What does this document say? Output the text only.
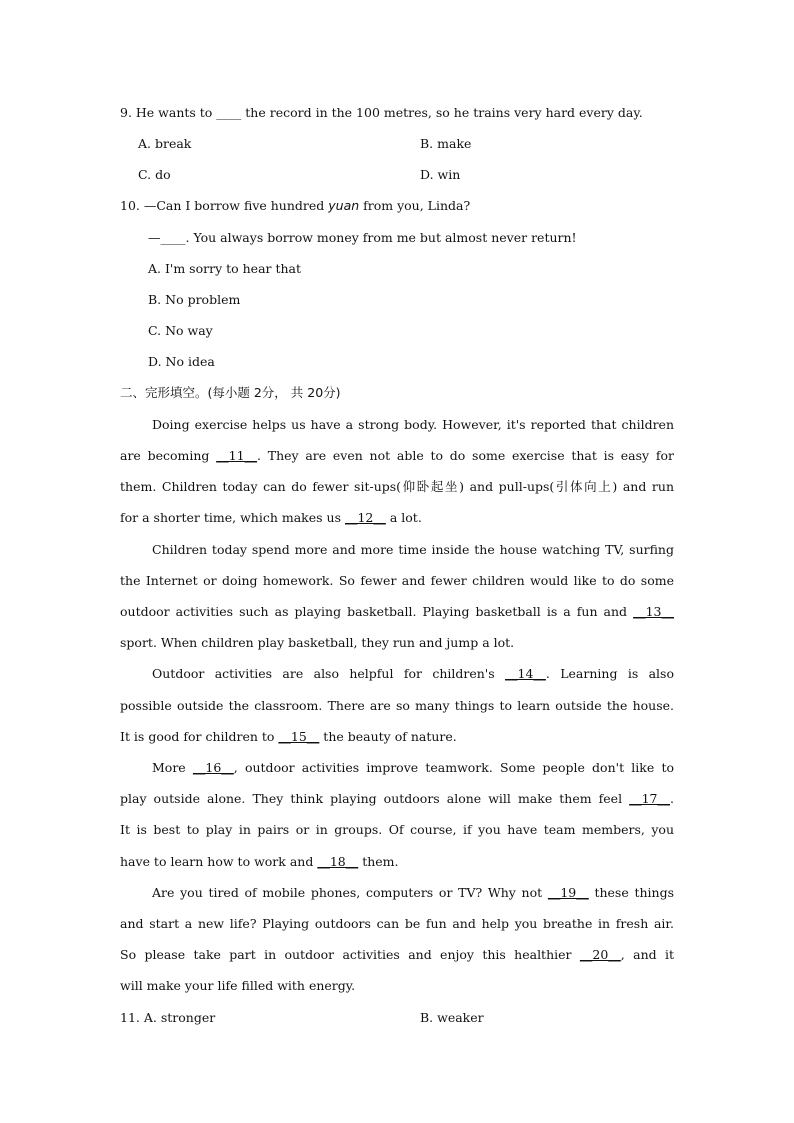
9. He wants to ____ the record in the 100 metres, so he trains very hard every day.
A. break	B. make
C. do	D. win
10. —Can I borrow five hundred yuan from you, Linda?
—____. You always borrow money from me but almost never return!
A. I'm sorry to hear that
B. No problem
C. No way
D. No idea
二、完形填空。(每小题 2分， 共 20分)
Doing exercise helps us have a strong body. However, it's reported that children
are becoming __11__. They are even not able to do some exercise that is easy for
them. Children today can do fewer sit-ups(仰卧起坐) and pull-ups(引体向上) and run
for a shorter time, which makes us __12__ a lot.
Children today spend more and more time inside the house watching TV, surfing
the Internet or doing homework. So fewer and fewer children would like to do some
outdoor activities such as playing basketball. Playing basketball is a fun and __13__
sport. When children play basketball, they run and jump a lot.
Outdoor activities are also helpful for children's __14__. Learning is also
possible outside the classroom. There are so many things to learn outside the house.
It is good for children to __15__ the beauty of nature.
More __16__, outdoor activities improve teamwork. Some people don't like to
play outside alone. They think playing outdoors alone will make them feel __17__.
It is best to play in pairs or in groups. Of course, if you have team members, you
have to learn how to work and __18__ them.
Are you tired of mobile phones, computers or TV? Why not __19__ these things
and start a new life? Playing outdoors can be fun and help you breathe in fresh air.
So please take part in outdoor activities and enjoy this healthier __20__, and it
will make your life filled with energy.
11. A. stronger	B. weaker
